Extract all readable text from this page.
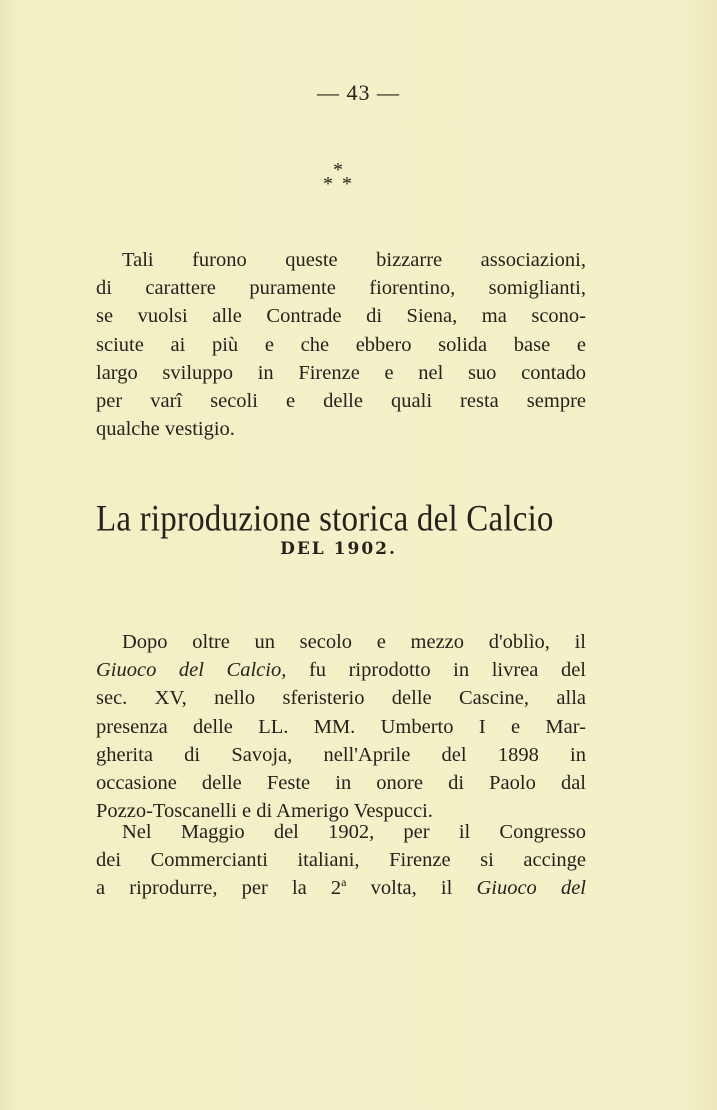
— 43 —
*
* *
Tali furono queste bizzarre associazioni,
di carattere puramente fiorentino, somiglianti,
se vuolsi alle Contrade di Siena, ma scono-
sciute ai più e che ebbero solida base e
largo sviluppo in Firenze e nel suo contado
per varî secoli e delle quali resta sempre
qualche vestigio.
La riproduzione storica del Calcio
DEL 1902.
Dopo oltre un secolo e mezzo d'oblìo, il
Giuoco del Calcio, fu riprodotto in livrea del
sec. XV, nello sferisterio delle Cascine, alla
presenza delle LL. MM. Umberto I e Mar-
gherita di Savoja, nell'Aprile del 1898 in
occasione delle Feste in onore di Paolo dal
Pozzo-Toscanelli e di Amerigo Vespucci.
Nel Maggio del 1902, per il Congresso
dei Commercianti italiani, Firenze si accinge
a riprodurre, per la 2$^a$ volta, il Giuoco del
